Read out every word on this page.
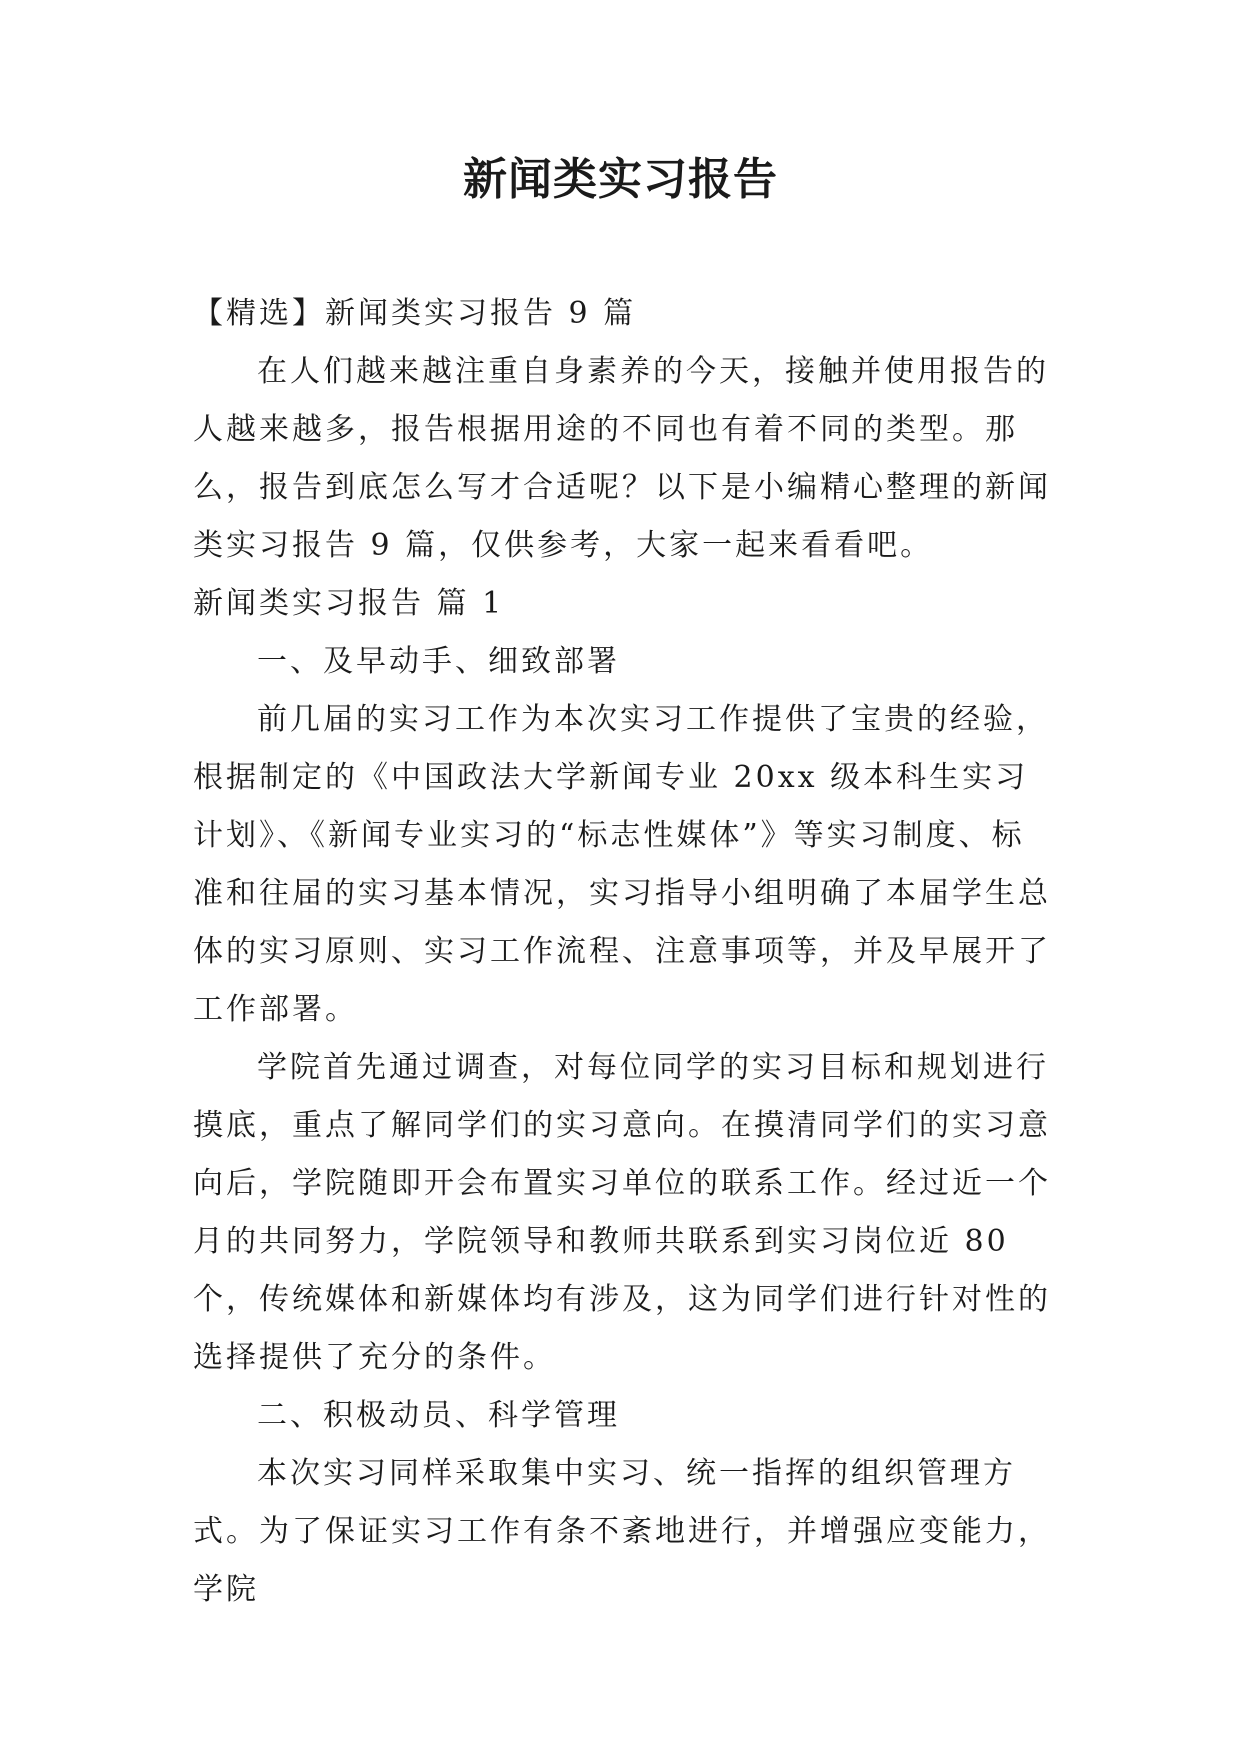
新闻类实习报告

【精选】新闻类实习报告 9 篇

在人们越来越注重自身素养的今天，接触并使用报告的人越来越多，报告根据用途的不同也有着不同的类型。那么，报告到底怎么写才合适呢？以下是小编精心整理的新闻类实习报告 9 篇，仅供参考，大家一起来看看吧。

新闻类实习报告 篇 1

一、及早动手、细致部署

前几届的实习工作为本次实习工作提供了宝贵的经验，根据制定的《中国政法大学新闻专业 20xx 级本科生实习计划》、《新闻专业实习的“标志性媒体”》等实习制度、标准和往届的实习基本情况，实习指导小组明确了本届学生总体的实习原则、实习工作流程、注意事项等，并及早展开了工作部署。

学院首先通过调查，对每位同学的实习目标和规划进行摸底，重点了解同学们的实习意向。在摸清同学们的实习意向后，学院随即开会布置实习单位的联系工作。经过近一个月的共同努力，学院领导和教师共联系到实习岗位近 80 个，传统媒体和新媒体均有涉及，这为同学们进行针对性的选择提供了充分的条件。

二、积极动员、科学管理

本次实习同样采取集中实习、统一指挥的组织管理方式。为了保证实习工作有条不紊地进行，并增强应变能力，学院
